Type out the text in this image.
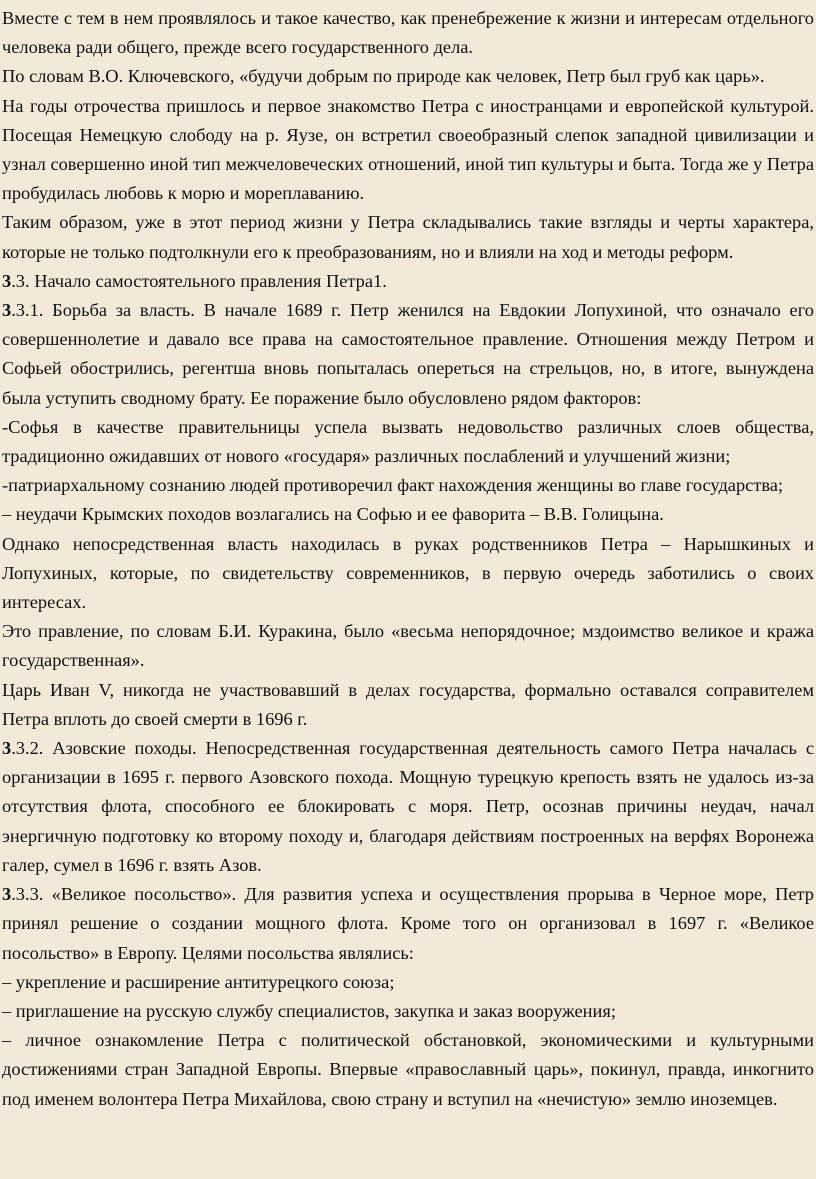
Вместе с тем в нем проявлялось и такое качество, как пренебрежение к жизни и интересам отдельного человека ради общего, прежде всего государственного дела.

По словам В.О. Ключевского, «будучи добрым по природе как человек, Петр был груб как царь».

На годы отрочества пришлось и первое знакомство Петра с иностранцами и европейской культурой. Посещая Немецкую слободу на р. Яузе, он встретил своеобразный слепок западной цивилизации и узнал совершенно иной тип межчеловеческих отношений, иной тип культуры и быта. Тогда же у Петра пробудилась любовь к морю и мореплаванию.

Таким образом, уже в этот период жизни у Петра складывались такие взгляды и черты характера, которые не только подтолкнули его к преобразованиям, но и влияли на ход и методы реформ.

3.3. Начало самостоятельного правления Петра1.

3.3.1. Борьба за власть. В начале 1689 г. Петр женился на Евдокии Лопухиной, что означало его совершеннолетие и давало все права на самостоятельное правление. Отношения между Петром и Софьей обострились, регентша вновь попыталась опереться на стрельцов, но, в итоге, вынуждена была уступить сводному брату. Ее поражение было обусловлено рядом факторов:

-Софья в качестве правительницы успела вызвать недовольство различных слоев общества, традиционно ожидавших от нового «государя» различных послаблений и улучшений жизни;

-патриархальному сознанию людей противоречил факт нахождения женщины во главе государства;

– неудачи Крымских походов возлагались на Софью и ее фаворита – В.В. Голицына.

Однако непосредственная власть находилась в руках родственников Петра – Нарышкиных и Лопухиных, которые, по свидетельству современников, в первую очередь заботились о своих интересах.

Это правление, по словам Б.И. Куракина, было «весьма непорядочное; мздоимство великое и кража государственная».

Царь Иван V, никогда не участвовавший в делах государства, формально оставался соправителем Петра вплоть до своей смерти в 1696 г.

3.3.2. Азовские походы. Непосредственная государственная деятельность самого Петра началась с организации в 1695 г. первого Азовского похода. Мощную турецкую крепость взять не удалось из-за отсутствия флота, способного ее блокировать с моря. Петр, осознав причины неудач, начал энергичную подготовку ко второму походу и, благодаря действиям построенных на верфях Воронежа галер, сумел в 1696 г. взять Азов.

3.3.3. «Великое посольство». Для развития успеха и осуществления прорыва в Черное море, Петр принял решение о создании мощного флота. Кроме того он организовал в 1697 г. «Великое посольство» в Европу. Целями посольства являлись:

– укрепление и расширение антитурецкого союза;

– приглашение на русскую службу специалистов, закупка и заказ вооружения;

– личное ознакомление Петра с политической обстановкой, экономическими и культурными достижениями стран Западной Европы. Впервые «православный царь», покинул, правда, инкогнито под именем волонтера Петра Михайлова, свою страну и вступил на «нечистую» землю иноземцев.
